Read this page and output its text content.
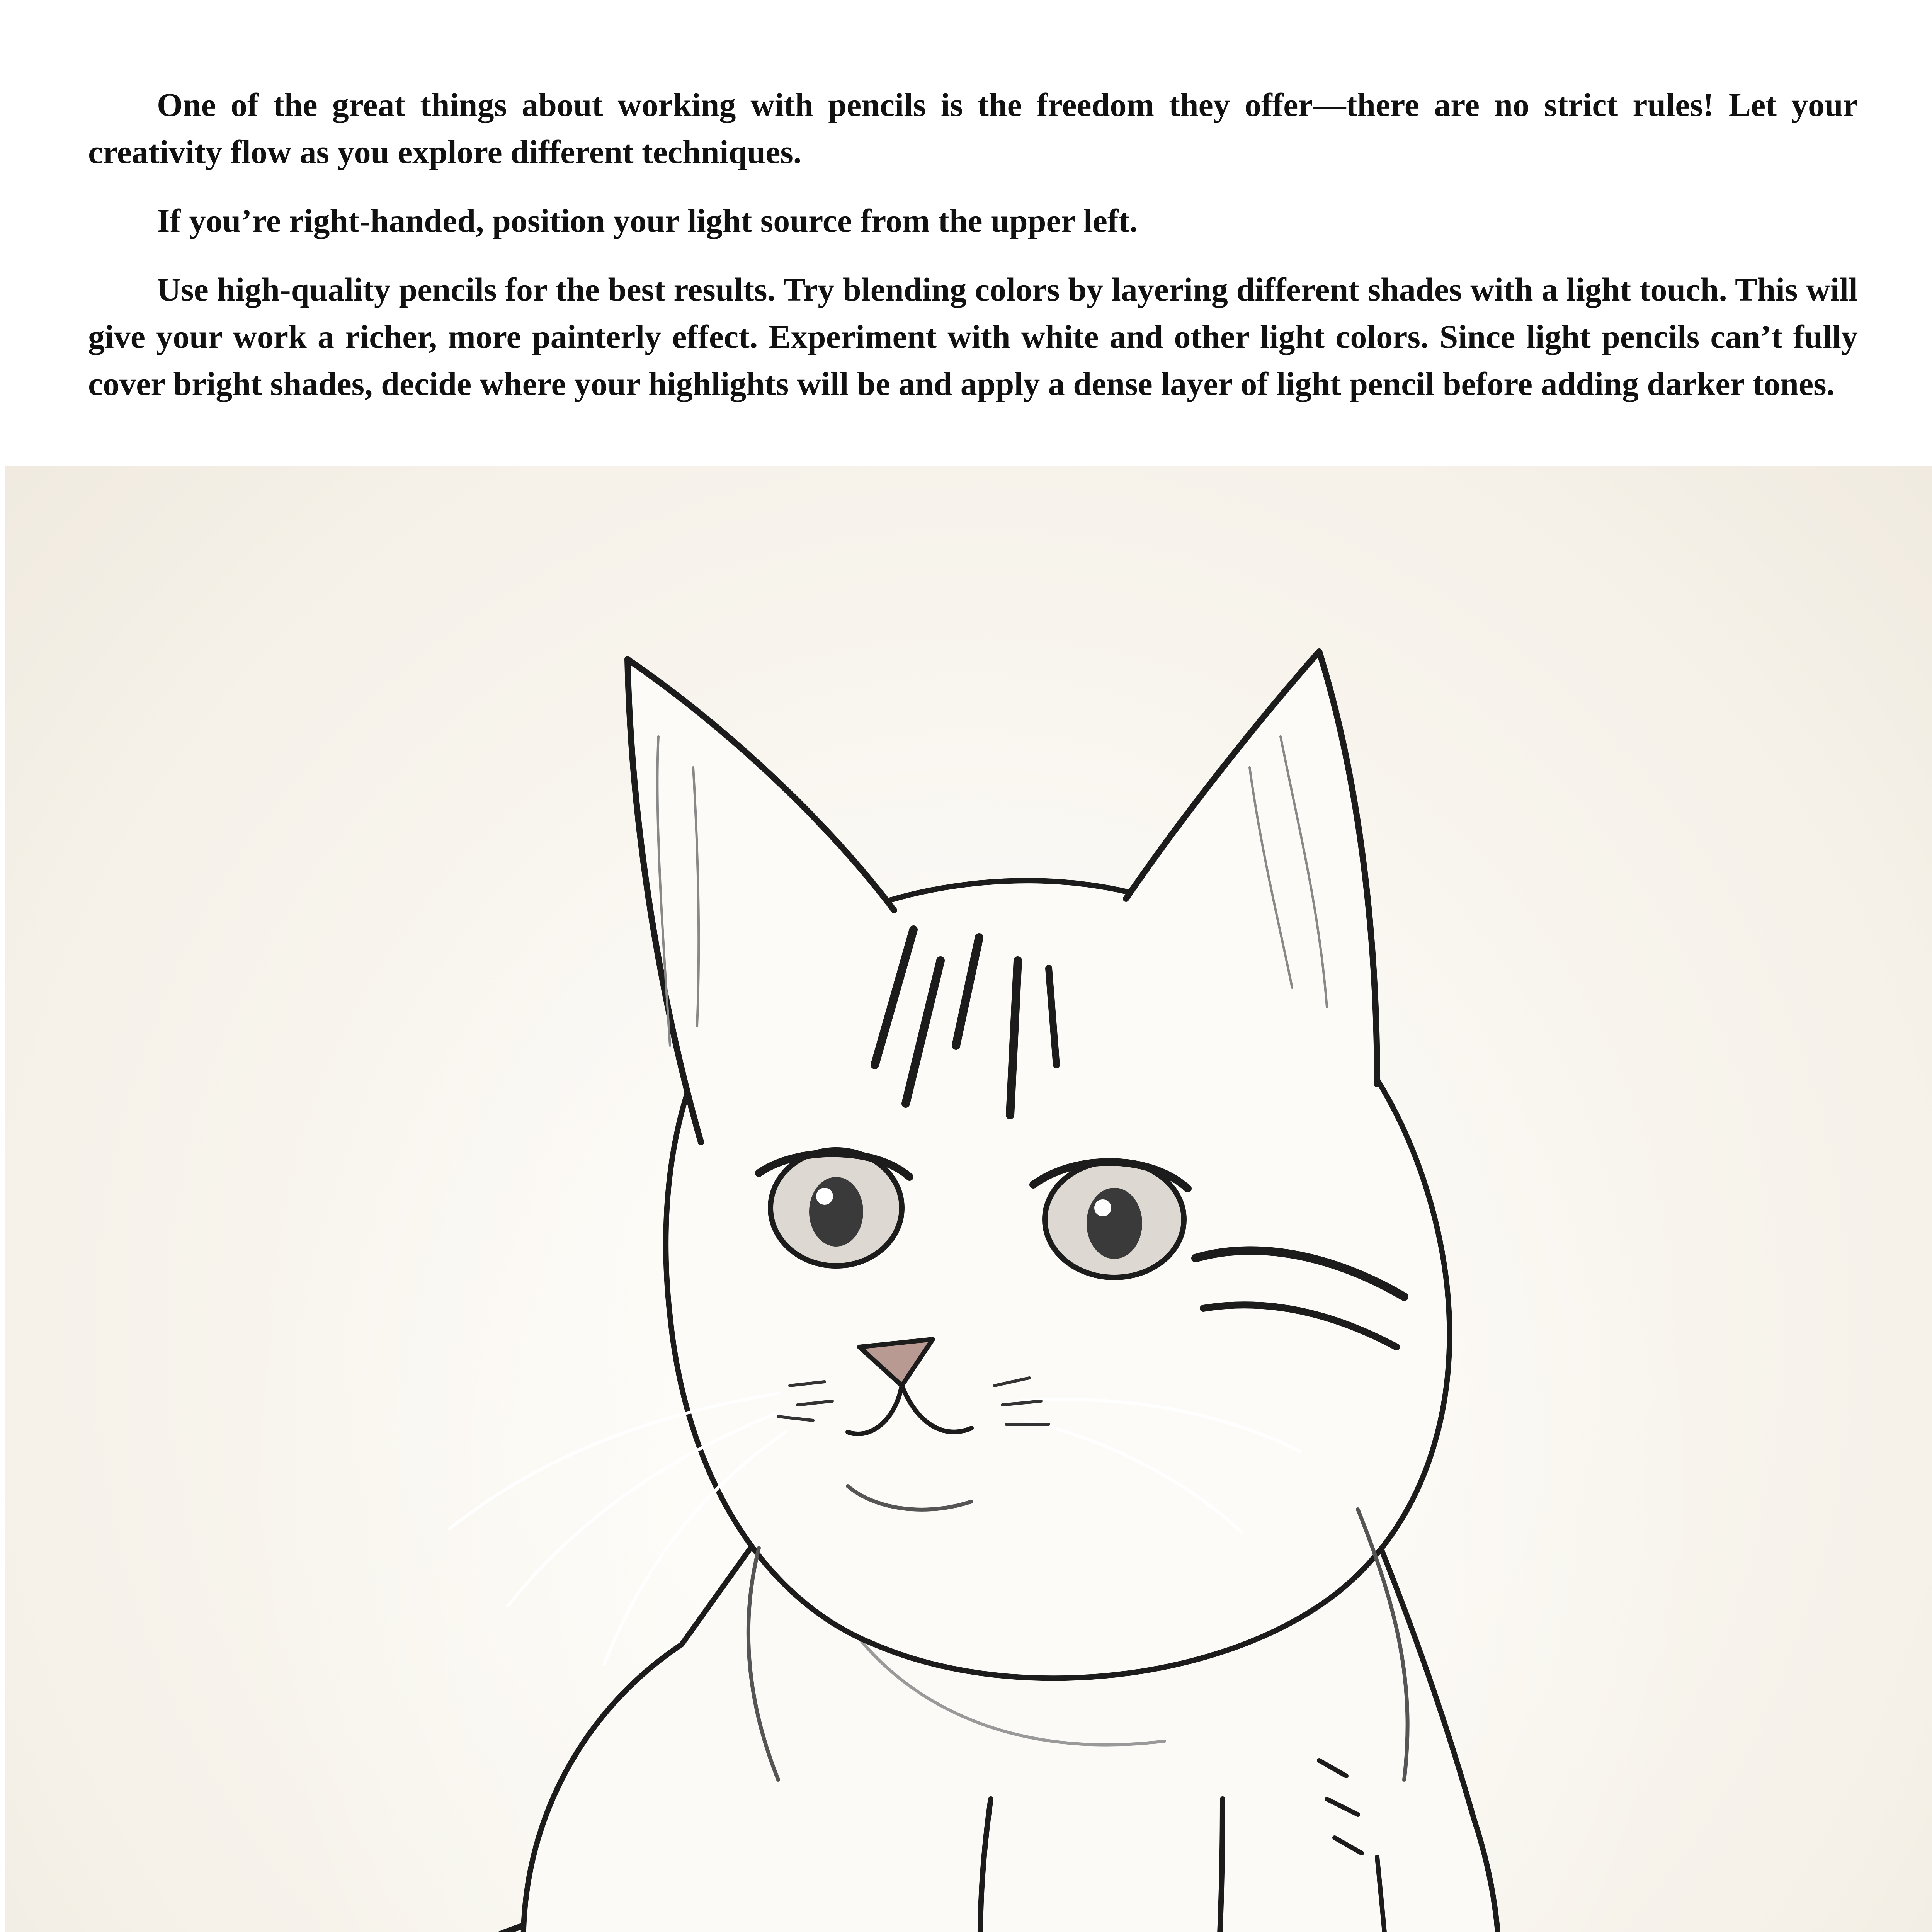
One of the great things about working with pencils is the freedom they offer—there are no strict rules! Let your creativity flow as you explore different techniques.

If you’re right-handed, position your light source from the upper left.

Use high-quality pencils for the best results. Try blending colors by layering different shades with a light touch. This will give your work a richer, more painterly effect. Experiment with white and other light colors. Since light pencils can’t fully cover bright shades, decide where your highlights will be and apply a dense layer of light pencil before adding darker tones.
